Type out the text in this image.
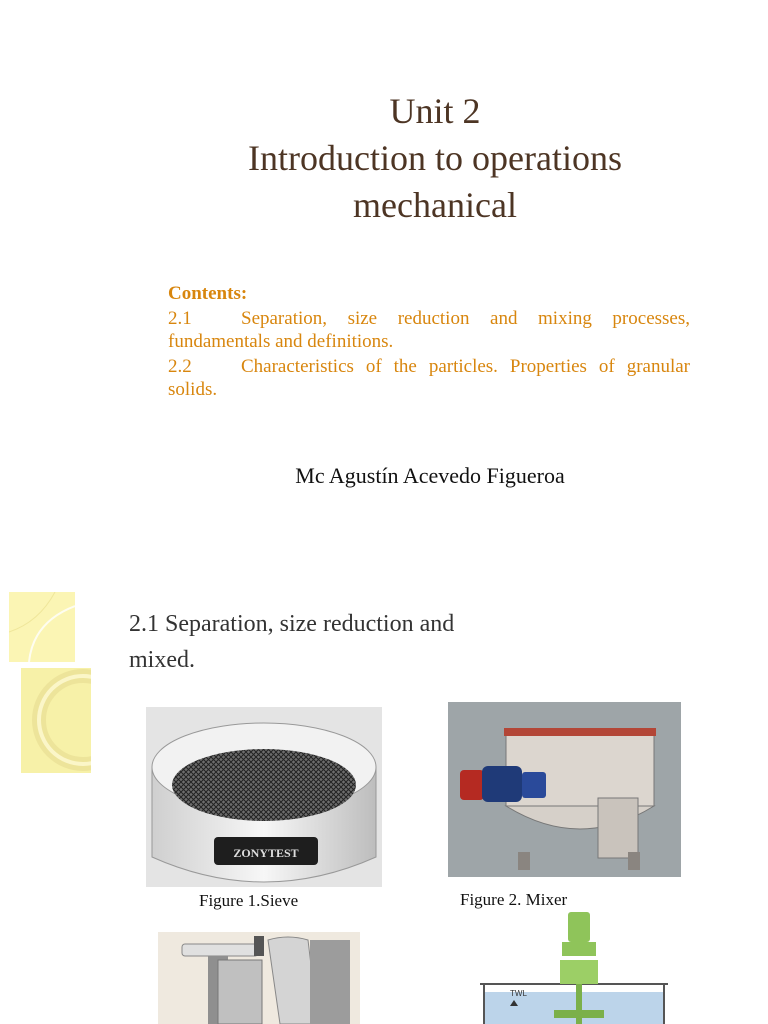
Unit 2
Introduction to operations
mechanical
Contents:
2.1	Separation, size reduction and mixing processes, fundamentals and definitions.
2.2	Characteristics of the particles. Properties of granular solids.
Mc Agustín Acevedo Figueroa
2.1 Separation, size reduction and
mixed.
ZONYTEST
Figure 1.Sieve	Figure 2. Mixer
TWL
